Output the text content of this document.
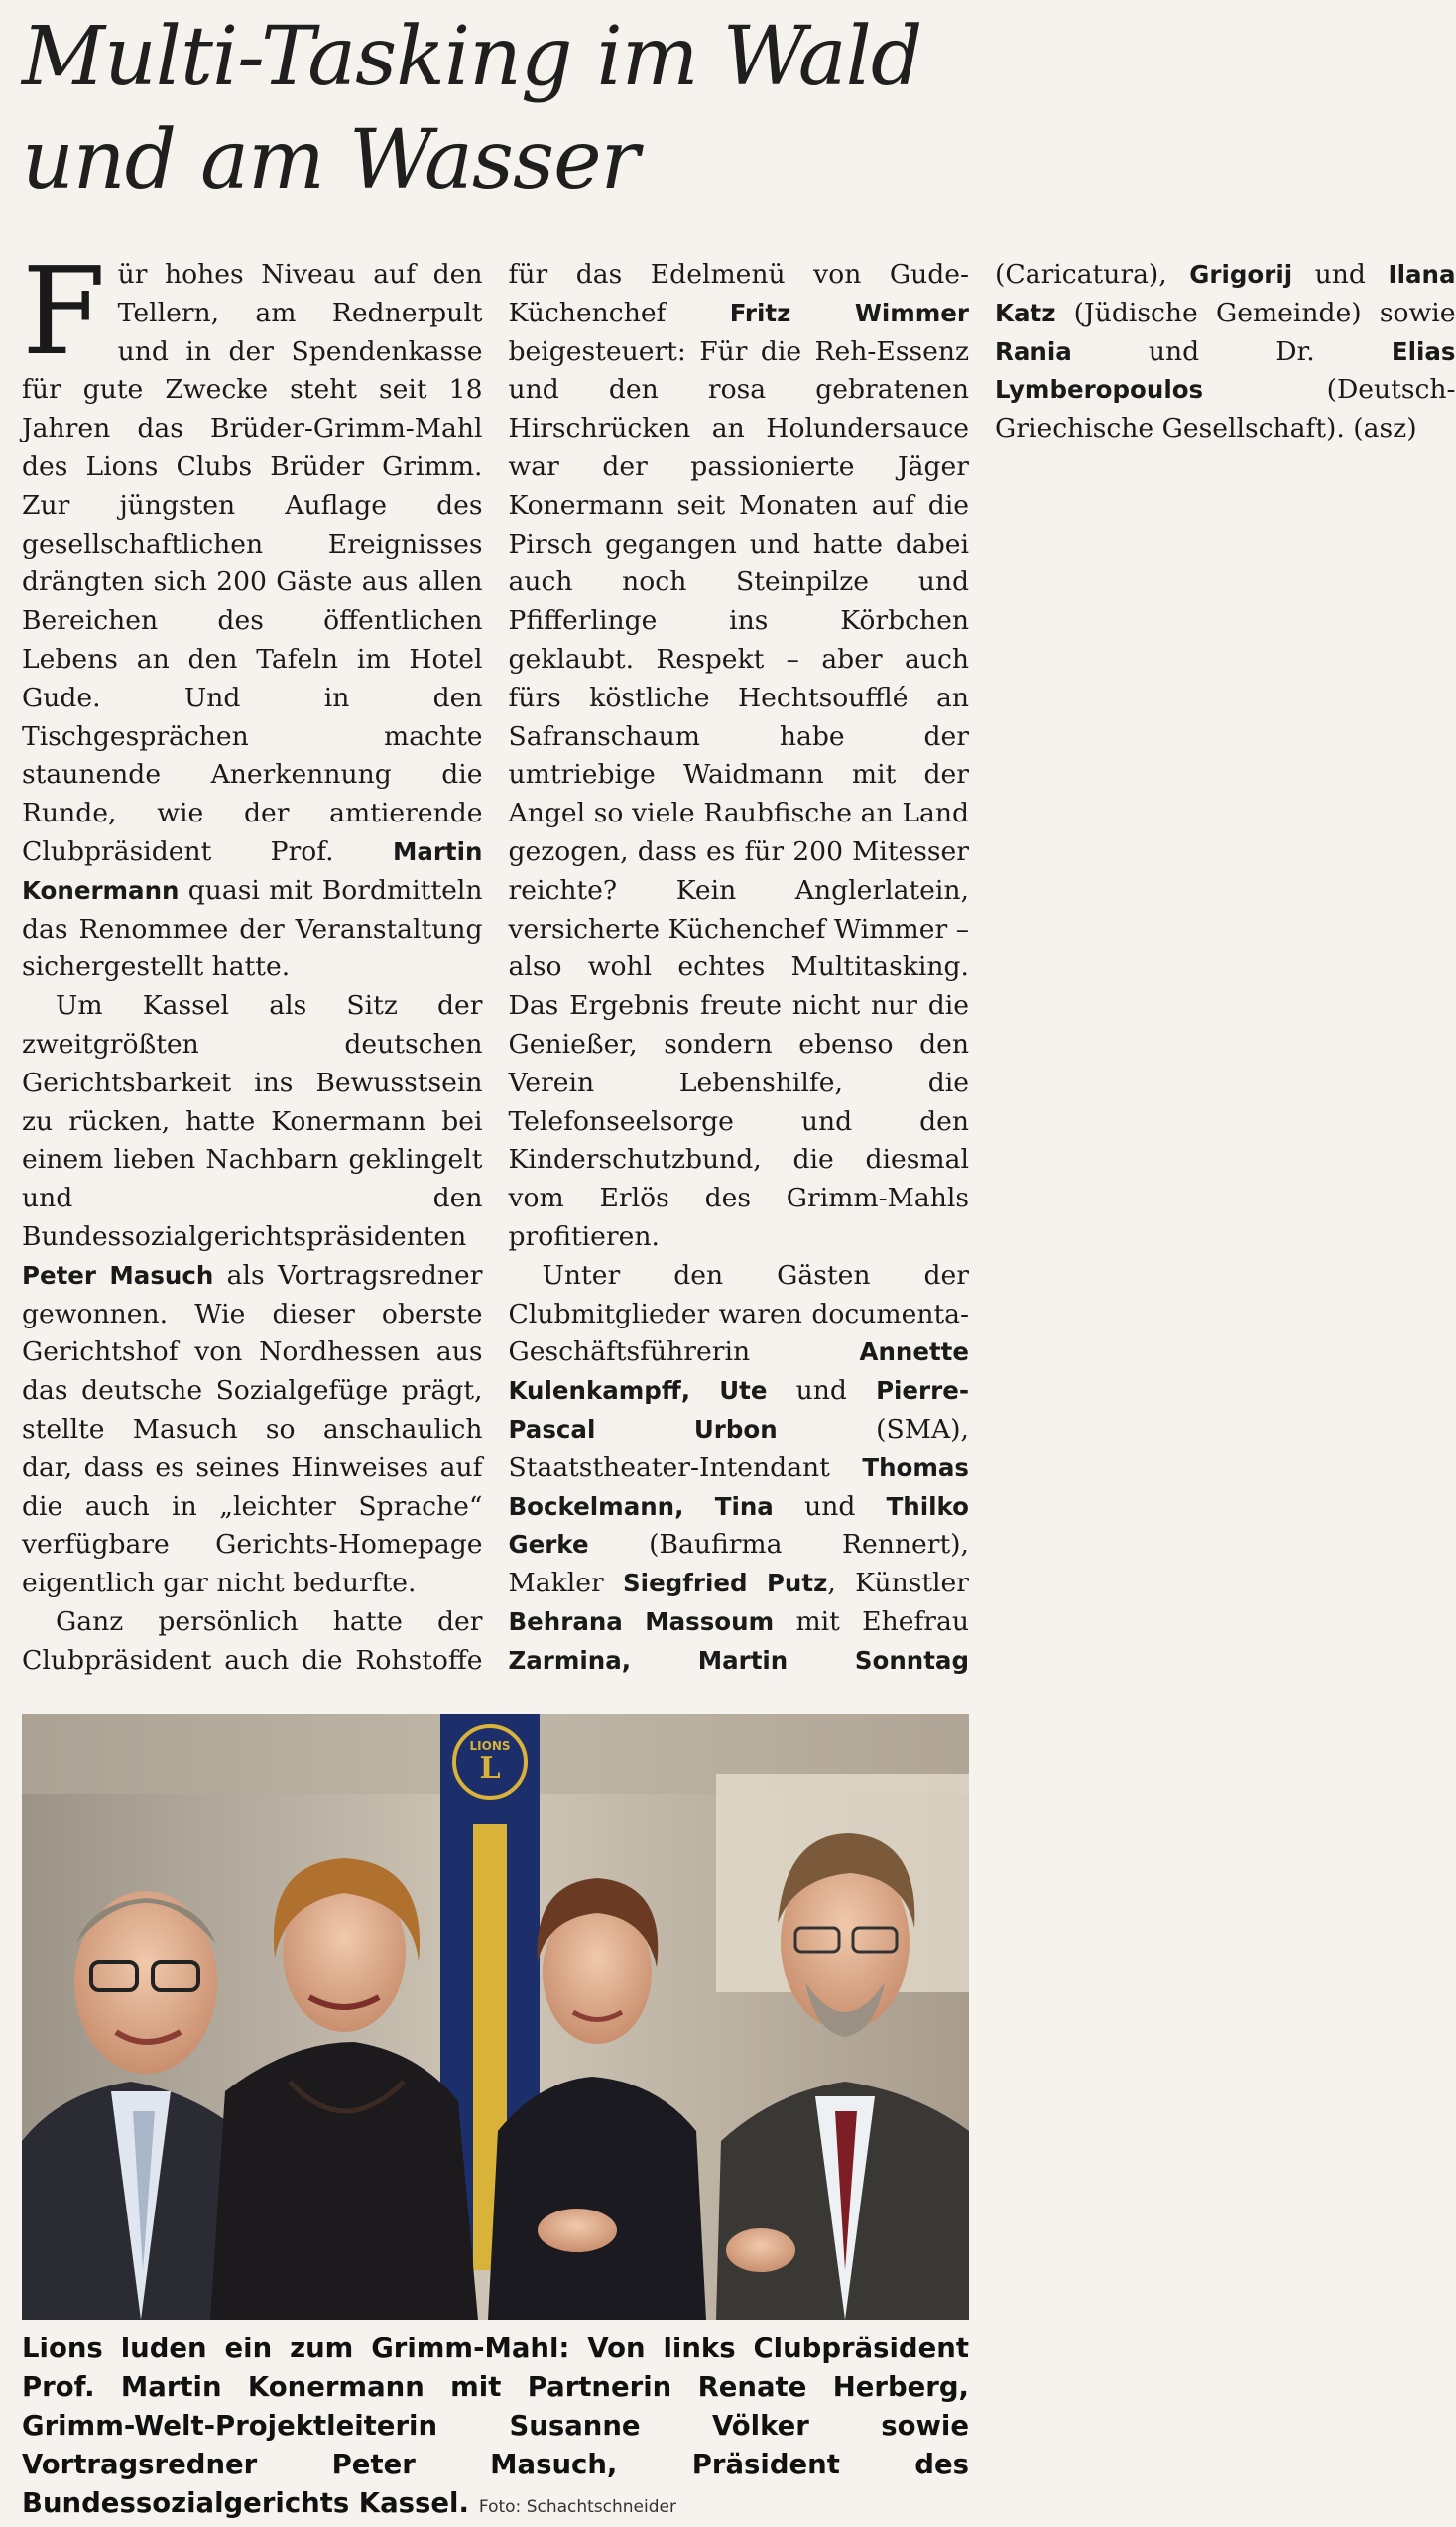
Multi-Tasking im Wald und am Wasser

Für hohes Niveau auf den Tellern, am Rednerpult und in der Spendenkasse für gute Zwecke steht seit 18 Jahren das Brüder-Grimm-Mahl des Lions Clubs Brüder Grimm. Zur jüngsten Auflage des gesellschaftlichen Ereignisses drängten sich 200 Gäste aus allen Bereichen des öffentlichen Lebens an den Tafeln im Hotel Gude. Und in den Tischgesprächen machte staunende Anerkennung die Runde, wie der amtierende Clubpräsident Prof. Martin Konermann quasi mit Bordmitteln das Renommee der Veranstaltung sichergestellt hatte.

Um Kassel als Sitz der zweitgrößten deutschen Gerichtsbarkeit ins Bewusstsein zu rücken, hatte Konermann bei einem lieben Nachbarn geklingelt und den Bundessozialgerichtspräsidenten Peter Masuch als Vortragsredner gewonnen. Wie dieser oberste Gerichtshof von Nordhessen aus das deutsche Sozialgefüge prägt, stellte Masuch so anschaulich dar, dass es seines Hinweises auf die auch in „leichter Sprache“ verfügbare Gerichts-Homepage eigentlich gar nicht bedurfte.

Ganz persönlich hatte der Clubpräsident auch die Rohstoffe für das Edelmenü von Gude-Küchenchef Fritz Wimmer beigesteuert: Für die Reh-Essenz und den rosa gebratenen Hirschrücken an Holundersauce war der passionierte Jäger Konermann seit Monaten auf die Pirsch gegangen und hatte dabei auch noch Steinpilze und Pfifferlinge ins Körbchen geklaubt. Respekt – aber auch fürs köstliche Hechtsoufflé an Safranschaum habe der umtriebige Waidmann mit der Angel so viele Raubfische an Land gezogen, dass es für 200 Mitesser reichte? Kein Anglerlatein, versicherte Küchenchef Wimmer – also wohl echtes Multitasking. Das Ergebnis freute nicht nur die Genießer, sondern ebenso den Verein Lebenshilfe, die Telefonseelsorge und den Kinderschutzbund, die diesmal vom Erlös des Grimm-Mahls profitieren.

Unter den Gästen der Clubmitglieder waren documenta-Geschäftsführerin Annette Kulenkampff, Ute und Pierre-Pascal Urbon (SMA), Staatstheater-Intendant Thomas Bockelmann, Tina und Thilko Gerke (Baufirma Rennert), Makler Siegfried Putz, Künstler Behrana Massoum mit Ehefrau Zarmina, Martin Sonntag (Caricatura), Grigorij und Ilana Katz (Jüdische Gemeinde) sowie Rania und Dr. Elias Lymberopoulos (Deutsch-Griechische Gesellschaft). (asz)

LIONS
L
Lions luden ein zum Grimm-Mahl: Von links Clubpräsident Prof. Martin Konermann mit Partnerin Renate Herberg, Grimm-Welt-Projektleiterin Susanne Völker sowie Vortragsredner Peter Masuch, Präsident des Bundessozialgerichts Kassel. Foto: Schachtschneider
